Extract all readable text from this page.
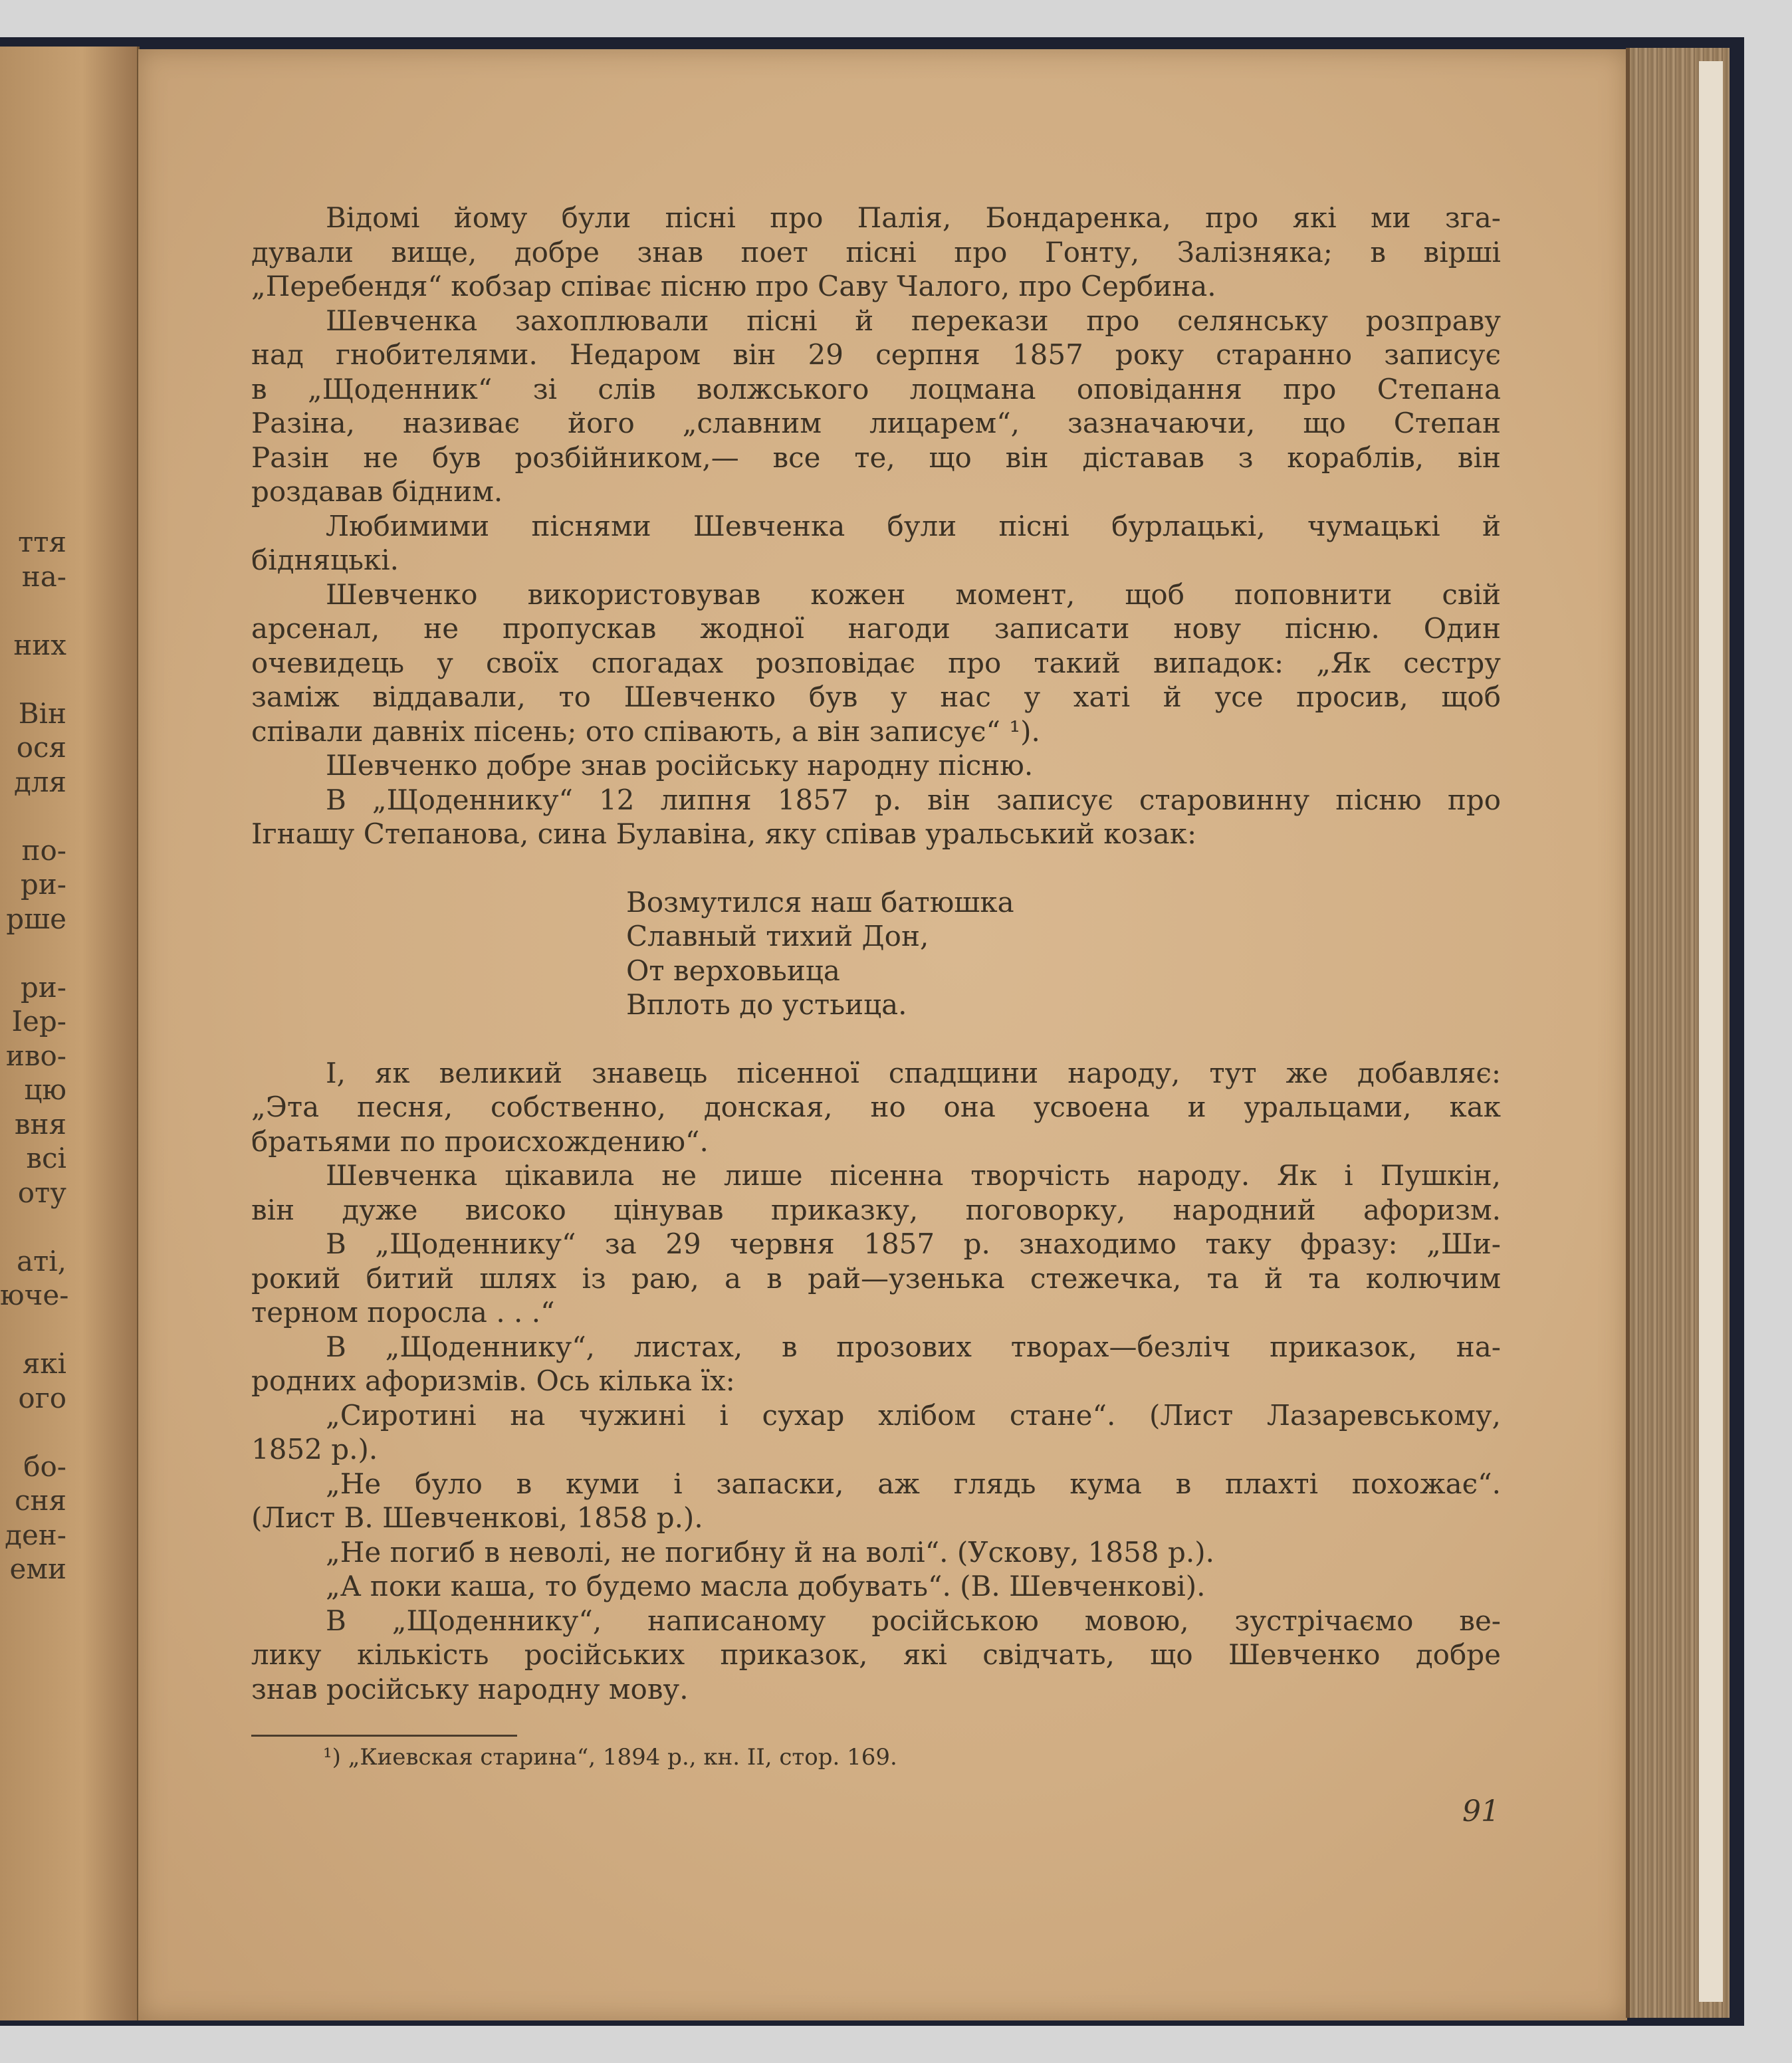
ття
на-
них
Він
ося
для
по-
ри-
рше
ри-
Іер-
иво-
цю
вня
всі
оту
аті,
юче-
які
ого
бо-
сня
ден-
еми
Відомі йому були пісні про Палія, Бондаренка, про які ми зга-
дували вище, добре знав поет пісні про Гонту, Залізняка; в вірші
„Перебендя“ кобзар співає пісню про Саву Чалого, про Сербина.
Шевченка захоплювали пісні й перекази про селянську розправу
над гнобителями. Недаром він 29 серпня 1857 року старанно записує
в „Щоденник“ зі слів волжського лоцмана оповідання про Степана
Разіна, називає його „славним лицарем“, зазначаючи, що Степан
Разін не був розбійником,— все те, що він діставав з кораблів, він
роздавав бідним.
Любимими піснями Шевченка були пісні бурлацькі, чумацькі й
бідняцькі.
Шевченко використовував кожен момент, щоб поповнити свій
арсенал, не пропускав жодної нагоди записати нову пісню. Один
очевидець у своїх спогадах розповідає про такий випадок: „Як сестру
заміж віддавали, то Шевченко був у нас у хаті й усе просив, щоб
співали давніх пісень; ото співають, а він записує“ ¹).
Шевченко добре знав російську народну пісню.
В „Щоденнику“ 12 липня 1857 р. він записує старовинну пісню про
Ігнашу Степанова, сина Булавіна, яку співав уральський козак:
Возмутился наш батюшка
Славный тихий Дон,
От верховьица
Вплоть до устьица.
І, як великий знавець пісенної спадщини народу, тут же добавляє:
„Эта песня, собственно, донская, но она усвоена и уральцами, как
братьями по происхождению“.
Шевченка цікавила не лише пісенна творчість народу. Як і Пушкін,
він дуже високо цінував приказку, поговорку, народний афоризм.
В „Щоденнику“ за 29 червня 1857 р. знаходимо таку фразу: „Ши-
рокий битий шлях із раю, а в рай—узенька стежечка, та й та колючим
терном поросла . . .“
В „Щоденнику“, листах, в прозових творах—безліч приказок, на-
родних афоризмів. Ось кілька їх:
„Сиротині на чужині і сухар хлібом стане“. (Лист Лазаревському,
1852 р.).
„Не було в куми і запаски, аж глядь кума в плахті похожає“.
(Лист В. Шевченкові, 1858 р.).
„Не погиб в неволі, не погибну й на волі“. (Ускову, 1858 р.).
„А поки каша, то будемо масла добувать“. (В. Шевченкові).
В „Щоденнику“, написаному російською мовою, зустрічаємо ве-
лику кількість російських приказок, які свідчать, що Шевченко добре
знав російську народну мову.
¹) „Киевская старина“, 1894 р., кн. II, стор. 169.
91
